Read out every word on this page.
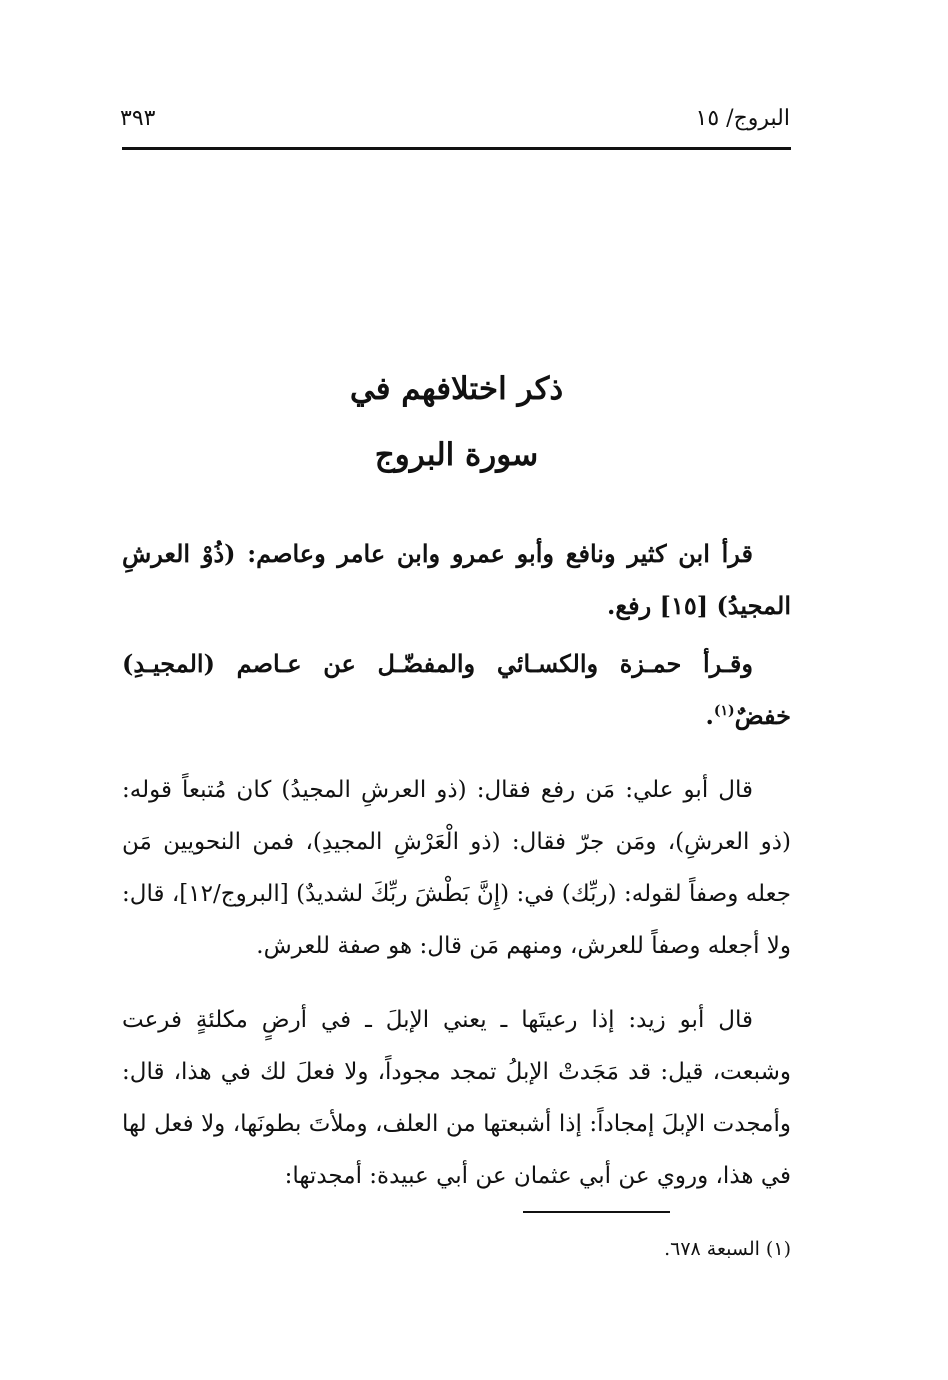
البروج/ ١٥
٣٩٣
ذكر اختلافهم في
سورة البروج

قرأ ابن كثير ونافع وأبو عمرو وابن عامر وعاصم: (ذُوْ العرشِ المجيدُ) [١٥] رفع.

وقـرأ حمـزة والكسـائي والمفضّـل عن عـاصم (المجيـدِ) خفضٌ$^{(١)}$.

قال أبو علي: مَن رفع فقال: (ذو العرشِ المجيدُ) كان مُتبعاً قوله: (ذو العرشِ)، ومَن جرّ فقال: (ذو الْعَرْشِ المجيدِ)، فمن النحويين مَن جعله وصفاً لقوله: (ربِّك) في: (إِنَّ بَطْشَ ربِّكَ لشديدٌ) [البروج/١٢]، قال: ولا أجعله وصفاً للعرش، ومنهم مَن قال: هو صفة للعرش.

قال أبو زيد: إذا رعيتَها ـ يعني الإبلَ ـ في أرضٍ مكلئةٍ فرعت وشبعت، قيل: قد مَجَدتْ الإبلُ تمجد مجوداً، ولا فعلَ لك في هذا، قال: وأمجدت الإبلَ إمجاداً: إذا أشبعتها من العلف، وملأتَ بطونَها، ولا فعل لها في هذا، وروي عن أبي عثمان عن أبي عبيدة: أمجدتها:

(١) السبعة ٦٧٨.
